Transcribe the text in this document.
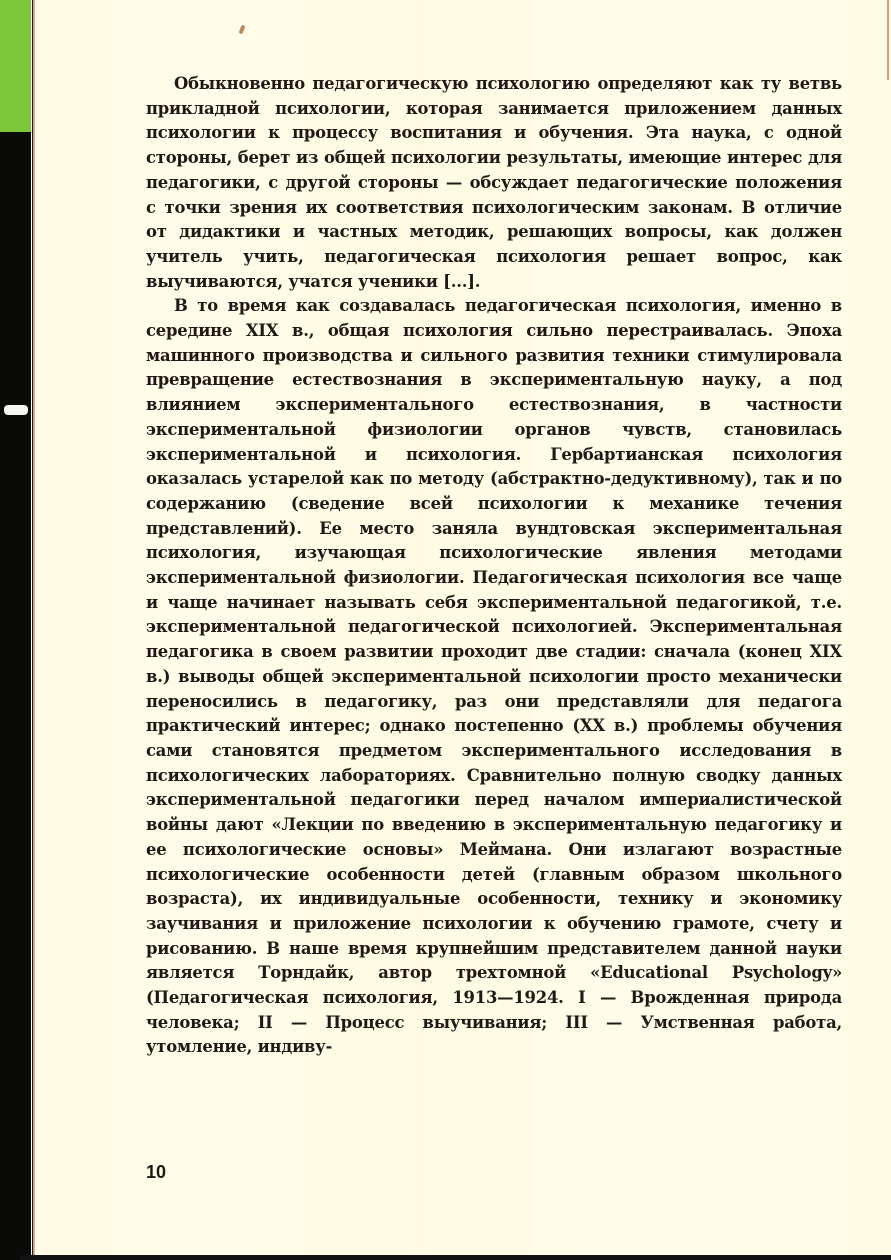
Обыкновенно педагогическую психологию определяют как ту ветвь прикладной психологии, которая занимается приложением данных психологии к процессу воспитания и обучения. Эта наука, с одной стороны, берет из общей психологии результаты, имеющие интерес для педагогики, с другой стороны — обсуждает педагогические положения с точки зрения их соответствия психологическим законам. В отличие от дидактики и частных методик, решающих вопросы, как должен учитель учить, педагогическая психология решает вопрос, как выучиваются, учатся ученики [...].

В то время как создавалась педагогическая психология, именно в середине XIX в., общая психология сильно перестраивалась. Эпоха машинного производства и сильного развития техники стимулировала превращение естествознания в экспериментальную науку, а под влиянием экспериментального естествознания, в частности экспериментальной физиологии органов чувств, становилась экспериментальной и психология. Гербартианская психология оказалась устарелой как по методу (абстрактно-дедуктивному), так и по содержанию (сведение всей психологии к механике течения представлений). Ее место заняла вундтовская экспериментальная психология, изучающая психологические явления методами экспериментальной физиологии. Педагогическая психология все чаще и чаще начинает называть себя экспериментальной педагогикой, т.е. экспериментальной педагогической психологией. Экспериментальная педагогика в своем развитии проходит две стадии: сначала (конец XIX в.) выводы общей экспериментальной психологии просто механически переносились в педагогику, раз они представляли для педагога практический интерес; однако постепенно (XX в.) проблемы обучения сами становятся предметом экспериментального исследования в психологических лабораториях. Сравнительно полную сводку данных экспериментальной педагогики перед началом империалистической войны дают «Лекции по введению в экспериментальную педагогику и ее психологические основы» Меймана. Они излагают возрастные психологические особенности детей (главным образом школьного возраста), их индивидуальные особенности, технику и экономику заучивания и приложение психологии к обучению грамоте, счету и рисованию. В наше время крупнейшим представителем данной науки является Торндайк, автор трехтомной «Educational Psychology» (Педагогическая психология, 1913—1924. I — Врожденная природа человека; II — Процесс выучивания; III — Умственная работа, утомление, индиву-

10
